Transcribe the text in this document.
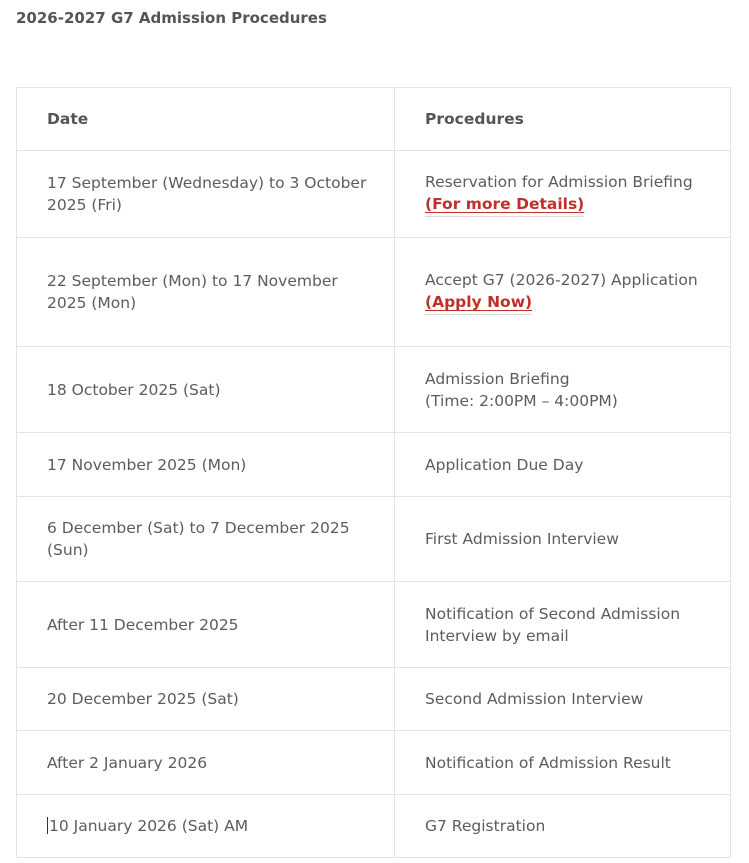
2026-2027 G7 Admission Procedures
Date	Procedures
17 September (Wednesday) to 3 October 2025 (Fri)	Reservation for Admission Briefing
(For more Details)
22 September (Mon) to 17 November 2025 (Mon)	Accept G7 (2026-2027) Application
(Apply Now)
18 October 2025 (Sat)	Admission Briefing
(Time: 2:00PM – 4:00PM)

17 November 2025 (Mon)	Application Due Day
6 December (Sat) to 7 December 2025 (Sun)	First Admission Interview
After 11 December 2025	Notification of Second Admission Interview by email
20 December 2025 (Sat)	Second Admission Interview
After 2 January 2026	Notification of Admission Result
10 January 2026 (Sat) AM	G7 Registration
